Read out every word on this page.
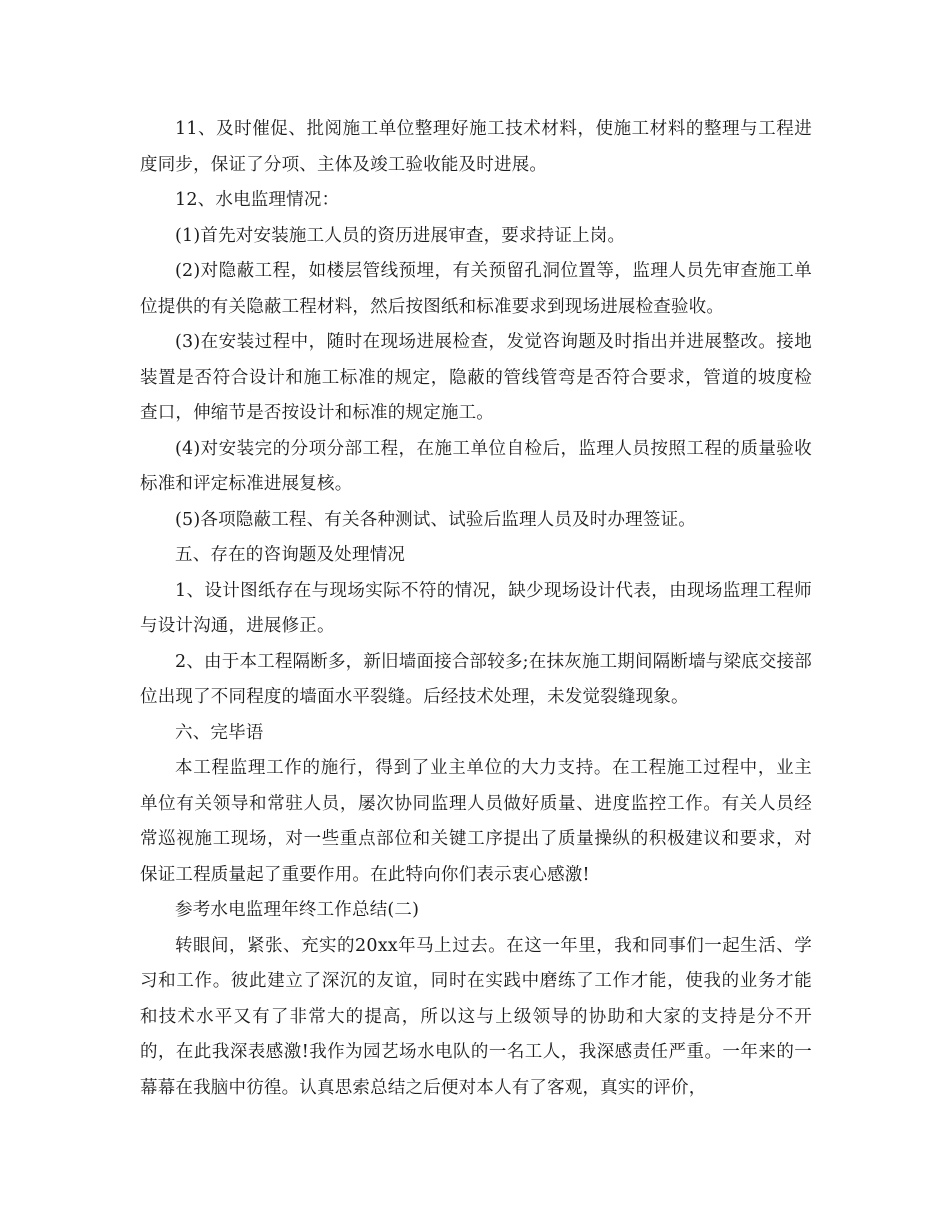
11、及时催促、批阅施工单位整理好施工技术材料，使施工材料的整理与工程进度同步，保证了分项、主体及竣工验收能及时进展。

12、水电监理情况：

(1)首先对安装施工人员的资历进展审查，要求持证上岗。

(2)对隐蔽工程，如楼层管线预埋，有关预留孔洞位置等，监理人员先审查施工单位提供的有关隐蔽工程材料，然后按图纸和标准要求到现场进展检查验收。

(3)在安装过程中，随时在现场进展检查，发觉咨询题及时指出并进展整改。接地装置是否符合设计和施工标准的规定，隐蔽的管线管弯是否符合要求，管道的坡度检查口，伸缩节是否按设计和标准的规定施工。

(4)对安装完的分项分部工程，在施工单位自检后，监理人员按照工程的质量验收标准和评定标准进展复核。

(5)各项隐蔽工程、有关各种测试、试验后监理人员及时办理签证。

五、存在的咨询题及处理情况

1、设计图纸存在与现场实际不符的情况，缺少现场设计代表，由现场监理工程师与设计沟通，进展修正。

2、由于本工程隔断多，新旧墙面接合部较多;在抹灰施工期间隔断墙与梁底交接部位出现了不同程度的墙面水平裂缝。后经技术处理，未发觉裂缝现象。

六、完毕语

本工程监理工作的施行，得到了业主单位的大力支持。在工程施工过程中，业主单位有关领导和常驻人员，屡次协同监理人员做好质量、进度监控工作。有关人员经常巡视施工现场，对一些重点部位和关键工序提出了质量操纵的积极建议和要求，对保证工程质量起了重要作用。在此特向你们表示衷心感激!

参考水电监理年终工作总结(二)

转眼间，紧张、充实的20xx年马上过去。在这一年里，我和同事们一起生活、学习和工作。彼此建立了深沉的友谊，同时在实践中磨练了工作才能，使我的业务才能和技术水平又有了非常大的提高，所以这与上级领导的协助和大家的支持是分不开的，在此我深表感激!我作为园艺场水电队的一名工人，我深感责任严重。一年来的一幕幕在我脑中彷徨。认真思索总结之后便对本人有了客观，真实的评价，
